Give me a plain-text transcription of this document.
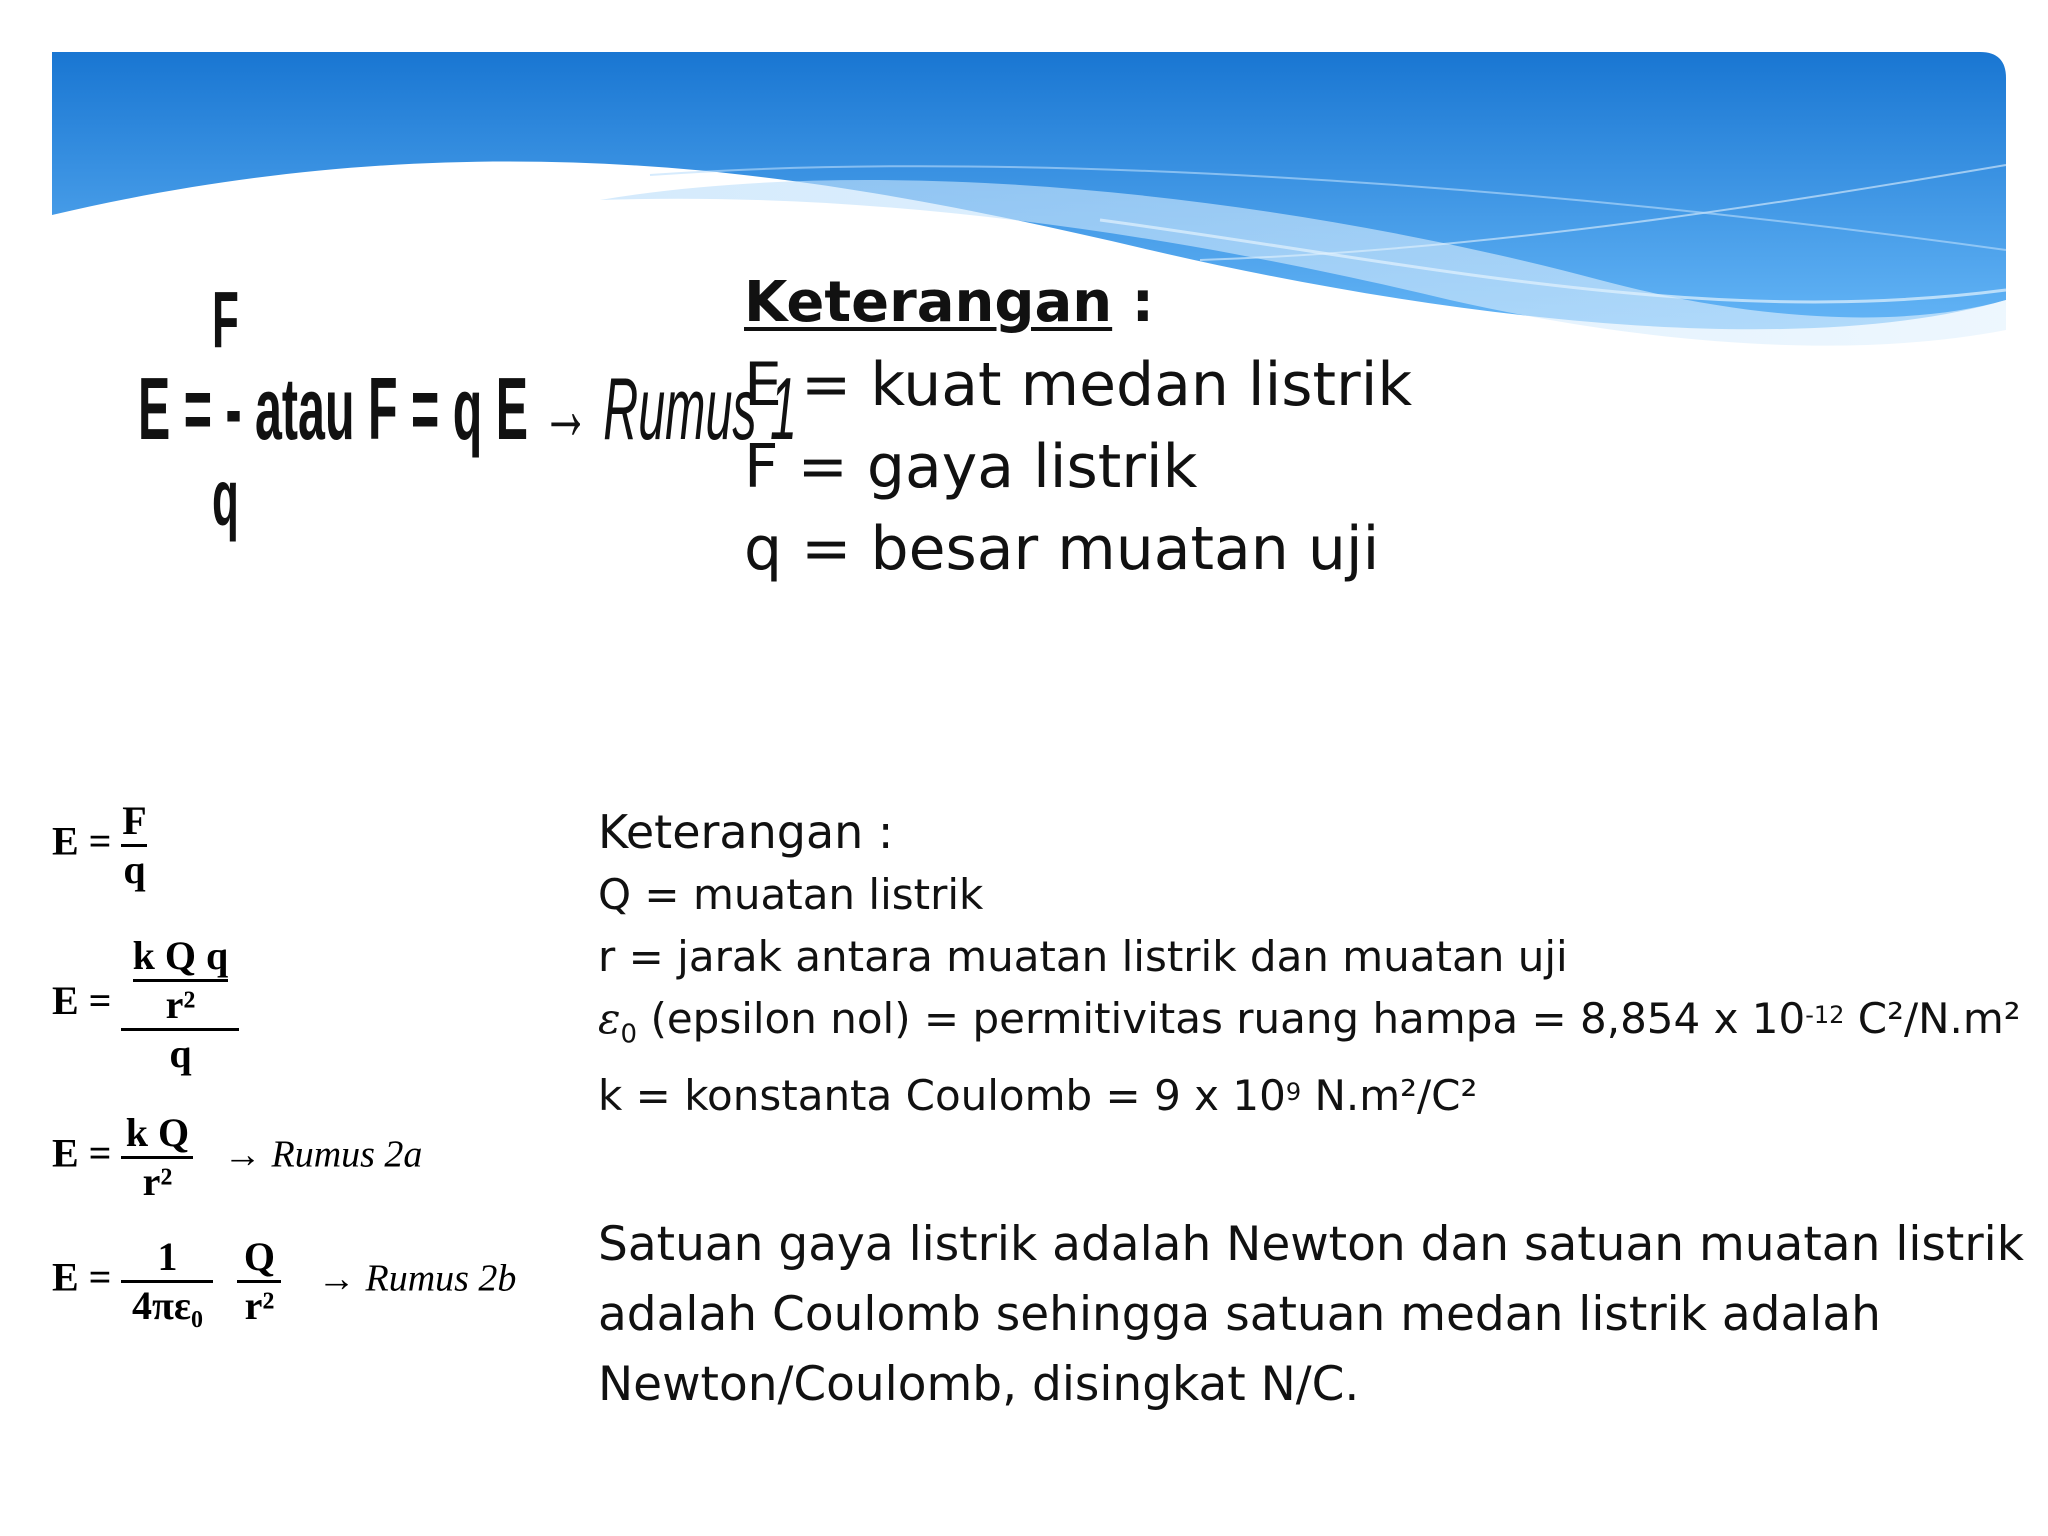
F
E = - atau F = q E → Rumus 1
q
Keterangan :
E = kuat medan listrik
F = gaya listrik
q = besar muatan uji
$E = \frac{F}{q}$
$E = \frac{\frac{\text{k Q q}}{\text{r²}}}{q}$
$E = \frac{\text{k Q}}{\text{r²}}$ → Rumus 2a
$E = \frac{1}{\text{4πε₀}}$
$\frac{Q}{\text{r²}}$ → Rumus 2b
Keterangan :
Q = muatan listrik
r = jarak antara muatan listrik dan muatan uji
$\varepsilon_0$ (epsilon nol) = permitivitas ruang hampa = 8,854 x $10^{-12}$ C²/N.m²
k = konstanta Coulomb = 9 x $10^9$ N.m²/C²
Satuan gaya listrik adalah Newton dan satuan muatan listrik adalah Coulomb sehingga satuan medan listrik adalah Newton/Coulomb, disingkat N/C.
